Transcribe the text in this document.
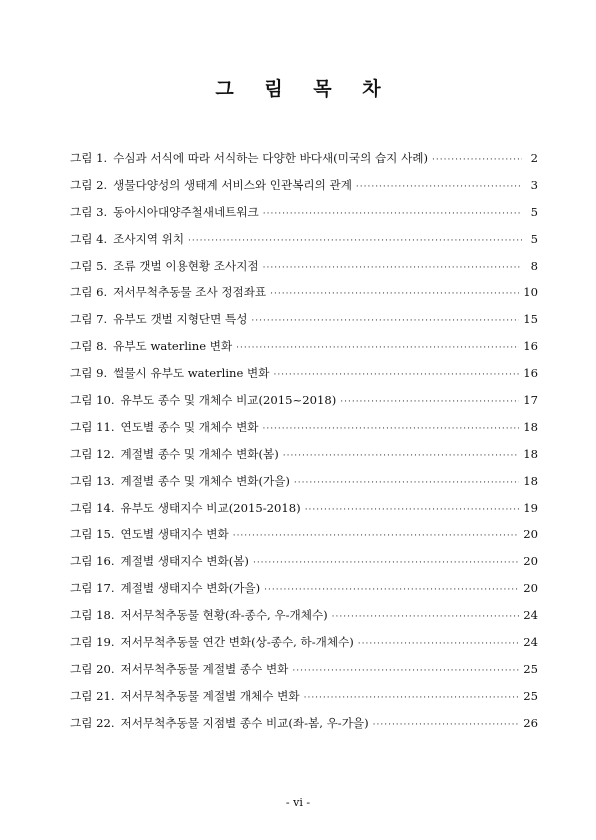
그 림 목 차
그림 1. 수심과 서식에 따라 서식하는 다양한 바다새(미국의 습지 사례) ·····	2
그림 2. 생물다양성의 생태계 서비스와 인관복리의 관계 ·····	3
그림 3. 동아시아대양주철새네트워크 ·····	5
그림 4. 조사지역 위치 ·····	5
그림 5. 조류 갯벌 이용현황 조사지점 ·····	8
그림 6. 저서무척추동물 조사 정점좌표 ·····	10
그림 7. 유부도 갯벌 지형단면 특성 ·····	15
그림 8. 유부도 waterline 변화 ·····	16
그림 9. 썰물시 유부도 waterline 변화 ·····	16
그림 10. 유부도 종수 및 개체수 비교(2015~2018) ·····	17
그림 11. 연도별 종수 및 개체수 변화 ·····	18
그림 12. 계절별 종수 및 개체수 변화(봄) ·····	18
그림 13. 계절별 종수 및 개체수 변화(가을) ·····	18
그림 14. 유부도 생태지수 비교(2015-2018) ·····	19
그림 15. 연도별 생태지수 변화 ·····	20
그림 16. 계절별 생태지수 변화(봄) ·····	20
그림 17. 계절별 생태지수 변화(가을) ·····	20
그림 18. 저서무척추동물 현황(좌-종수, 우-개체수) ·····	24
그림 19. 저서무척추동물 연간 변화(상-종수, 하-개체수) ·····	24
그림 20. 저서무척추동물 계절별 종수 변화 ·····	25
그림 21. 저서무척추동물 계절별 개체수 변화 ·····	25
그림 22. 저서무척추동물 지점별 종수 비교(좌-봄, 우-가을) ·····	26
- vi -
